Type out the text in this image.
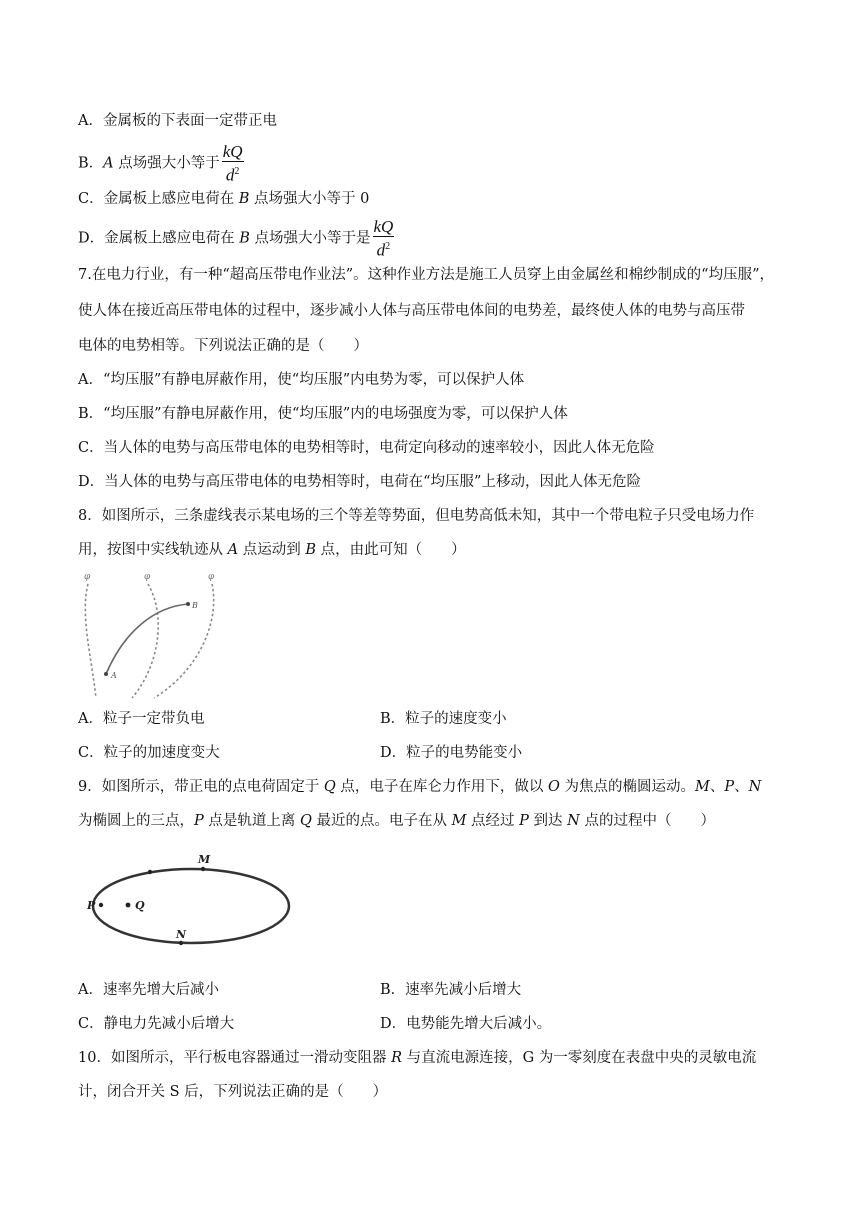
A．金属板的下表面一定带正电
B．A 点场强大小等于 $\frac{kQ}{d^2}$
C．金属板上感应电荷在 B 点场强大小等于 0
D．金属板上感应电荷在 B 点场强大小等于是 $\frac{kQ}{d^2}$
7.在电力行业，有一种“超高压带电作业法”。这种作业方法是施工人员穿上由金属丝和棉纱制成的“均压服”，
使人体在接近高压带电体的过程中，逐步减小人体与高压带电体间的电势差，最终使人体的电势与高压带
电体的电势相等。下列说法正确的是（　　）
A．“均压服”有静电屏蔽作用，使“均压服”内电势为零，可以保护人体
B．“均压服”有静电屏蔽作用，使“均压服”内的电场强度为零，可以保护人体
C．当人体的电势与高压带电体的电势相等时，电荷定向移动的速率较小，因此人体无危险
D．当人体的电势与高压带电体的电势相等时，电荷在“均压服”上移动，因此人体无危险
8．如图所示，三条虚线表示某电场的三个等差等势面，但电势高低未知，其中一个带电粒子只受电场力作
用，按图中实线轨迹从 A 点运动到 B 点，由此可知（　　）
φ	φ	φ
A
B
A．粒子一定带负电	B．粒子的速度变小
C．粒子的加速度变大	D．粒子的电势能变小
9．如图所示，带正电的点电荷固定于 Q 点，电子在库仑力作用下，做以 O 为焦点的椭圆运动。M、P、N
为椭圆上的三点，P 点是轨道上离 Q 最近的点。电子在从 M 点经过 P 到达 N 点的过程中（　　）
M
P	Q
N
A．速率先增大后减小	B．速率先减小后增大
C．静电力先减小后增大	D．电势能先增大后减小。
10．如图所示，平行板电容器通过一滑动变阻器 R 与直流电源连接，G 为一零刻度在表盘中央的灵敏电流
计，闭合开关 S 后，下列说法正确的是（　　）
